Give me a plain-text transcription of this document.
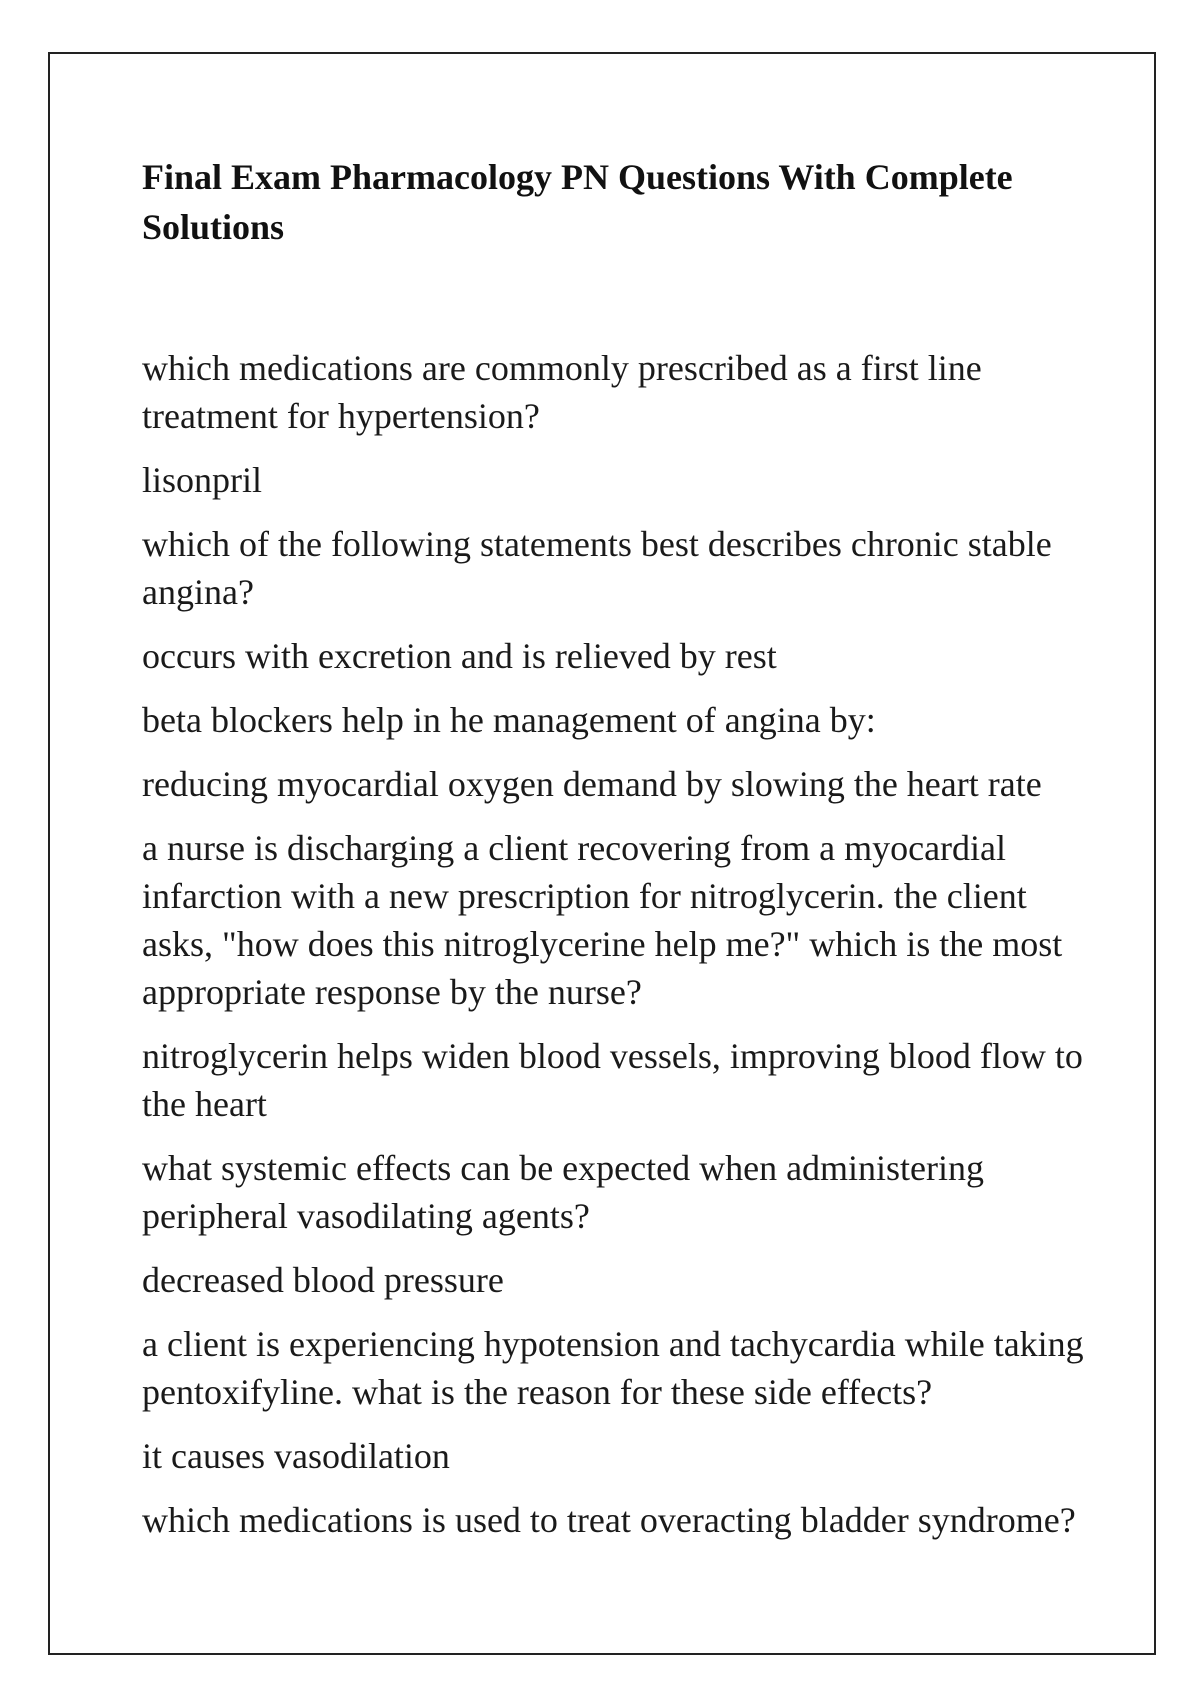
Final Exam Pharmacology PN Questions With Complete Solutions

which medications are commonly prescribed as a first line treatment for hypertension?

lisonpril

which of the following statements best describes chronic stable angina?

occurs with excretion and is relieved by rest

beta blockers help in he management of angina by:

reducing myocardial oxygen demand by slowing the heart rate

a nurse is discharging a client recovering from a myocardial infarction with a new prescription for nitroglycerin. the client asks, "how does this nitroglycerine help me?" which is the most appropriate response by the nurse?

nitroglycerin helps widen blood vessels, improving blood flow to the heart

what systemic effects can be expected when administering peripheral vasodilating agents?

decreased blood pressure

a client is experiencing hypotension and tachycardia while taking pentoxifyline. what is the reason for these side effects?

it causes vasodilation

which medications is used to treat overacting bladder syndrome?
